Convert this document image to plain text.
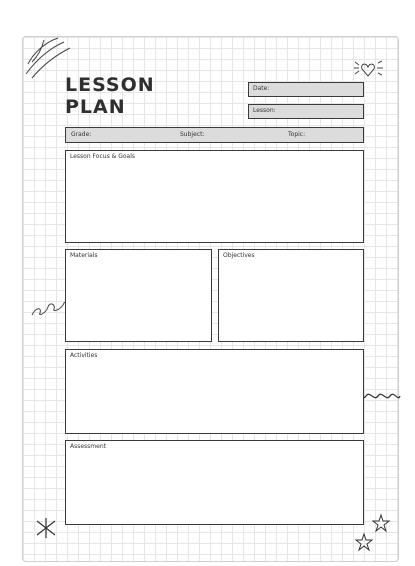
LESSON
PLAN
Date:
Lesson:
Grade:	Subject:	Topic:
Lesson Focus & Goals
Materials	Objectives
Activities
Assessment
